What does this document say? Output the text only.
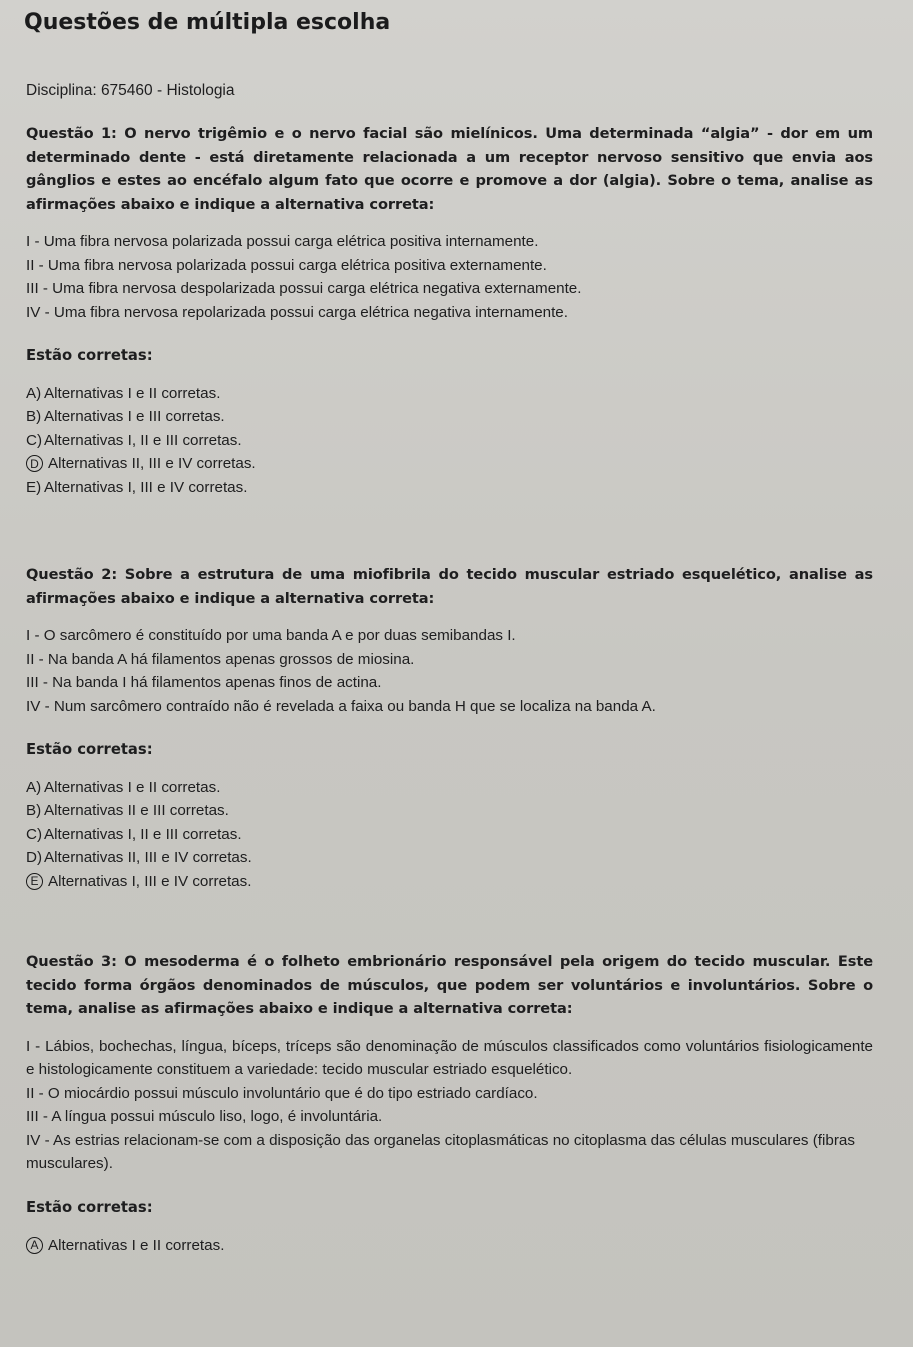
Questões de múltipla escolha
Disciplina: 675460 - Histologia
Questão 1: O nervo trigêmio e o nervo facial são mielínicos. Uma determinada “algia” - dor em um determinado dente - está diretamente relacionada a um receptor nervoso sensitivo que envia aos gânglios e estes ao encéfalo algum fato que ocorre e promove a dor (algia). Sobre o tema, analise as afirmações abaixo e indique a alternativa correta:
I - Uma fibra nervosa polarizada possui carga elétrica positiva internamente.
II - Uma fibra nervosa polarizada possui carga elétrica positiva externamente.
III - Uma fibra nervosa despolarizada possui carga elétrica negativa externamente.
IV - Uma fibra nervosa repolarizada possui carga elétrica negativa internamente.
Estão corretas:
A) Alternativas I e II corretas.
B) Alternativas I e III corretas.
C) Alternativas I, II e III corretas.
D Alternativas II, III e IV corretas.
E) Alternativas I, III e IV corretas.
Questão 2: Sobre a estrutura de uma miofibrila do tecido muscular estriado esquelético, analise as afirmações abaixo e indique a alternativa correta:
I - O sarcômero é constituído por uma banda A e por duas semibandas I.
II - Na banda A há filamentos apenas grossos de miosina.
III - Na banda I há filamentos apenas finos de actina.
IV - Num sarcômero contraído não é revelada a faixa ou banda H que se localiza na banda A.
Estão corretas:
A) Alternativas I e II corretas.
B) Alternativas II e III corretas.
C) Alternativas I, II e III corretas.
D) Alternativas II, III e IV corretas.
E Alternativas I, III e IV corretas.
Questão 3: O mesoderma é o folheto embrionário responsável pela origem do tecido muscular. Este tecido forma órgãos denominados de músculos, que podem ser voluntários e involuntários. Sobre o tema, analise as afirmações abaixo e indique a alternativa correta:
I - Lábios, bochechas, língua, bíceps, tríceps são denominação de músculos classificados como voluntários fisiologicamente e histologicamente constituem a variedade: tecido muscular estriado esquelético.
II - O miocárdio possui músculo involuntário que é do tipo estriado cardíaco.
III - A língua possui músculo liso, logo, é involuntária.
IV - As estrias relacionam-se com a disposição das organelas citoplasmáticas no citoplasma das células musculares (fibras musculares).
Estão corretas:
A Alternativas I e II corretas.
